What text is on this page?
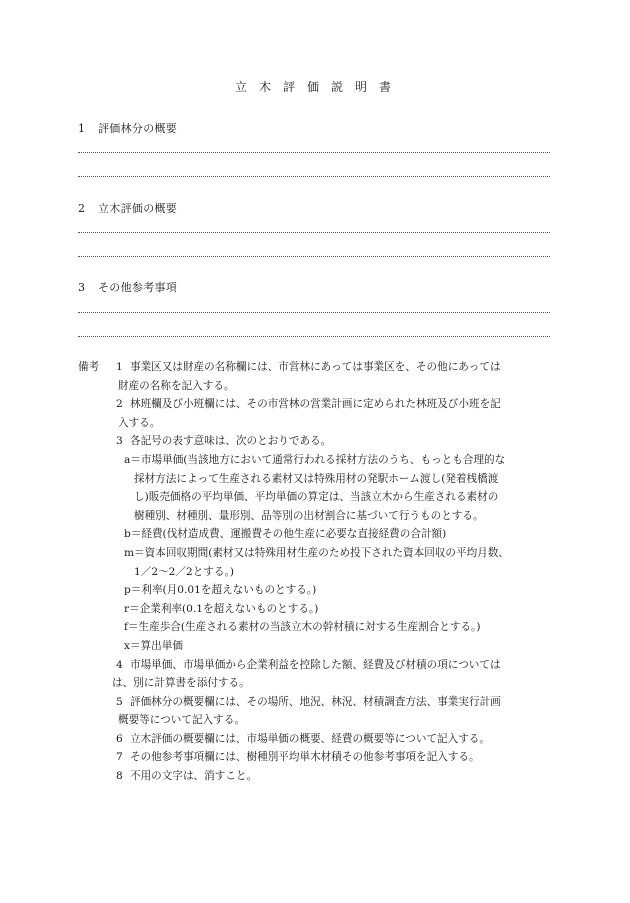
立木評価説明書
1 評価林分の概要
2 立木評価の概要
3 その他参考事項
備考 1 事業区又は財産の名称欄には、市営林にあっては事業区を、その他にあっては
財産の名称を記入する。
2 林班欄及び小班欄には、その市営林の営業計画に定められた林班及び小班を記
入する。
3 各記号の表す意味は、次のとおりである。
a＝市場単価(当該地方において通常行われる採材方法のうち、もっとも合理的な
採材方法によって生産される素材又は特殊用材の発駅ホーム渡し(発着桟橋渡
し)販売価格の平均単価、平均単価の算定は、当該立木から生産される素材の
樹種別、材種別、量形別、品等別の出材割合に基づいて行うものとする。
b＝経費(伐材造成費、運搬費その他生産に必要な直接経費の合計額)
m＝資本回収期間(素材又は特殊用材生産のため投下された資本回収の平均月数、
1／2〜2／2とする。)
p＝利率(月0.01を超えないものとする。)
r＝企業利率(0.1を超えないものとする。)
f＝生産歩合(生産される素材の当該立木の幹材積に対する生産割合とする。)
x＝算出単価
4 市場単価、市場単価から企業利益を控除した額、経費及び材積の項については
は、別に計算書を添付する。
5 評価林分の概要欄には、その場所、地況、林況、材積調査方法、事業実行計画
概要等について記入する。
6 立木評価の概要欄には、市場単価の概要、経費の概要等について記入する。
7 その他参考事項欄には、樹種別平均単木材積その他参考事項を記入する。
8 不用の文字は、消すこと。
